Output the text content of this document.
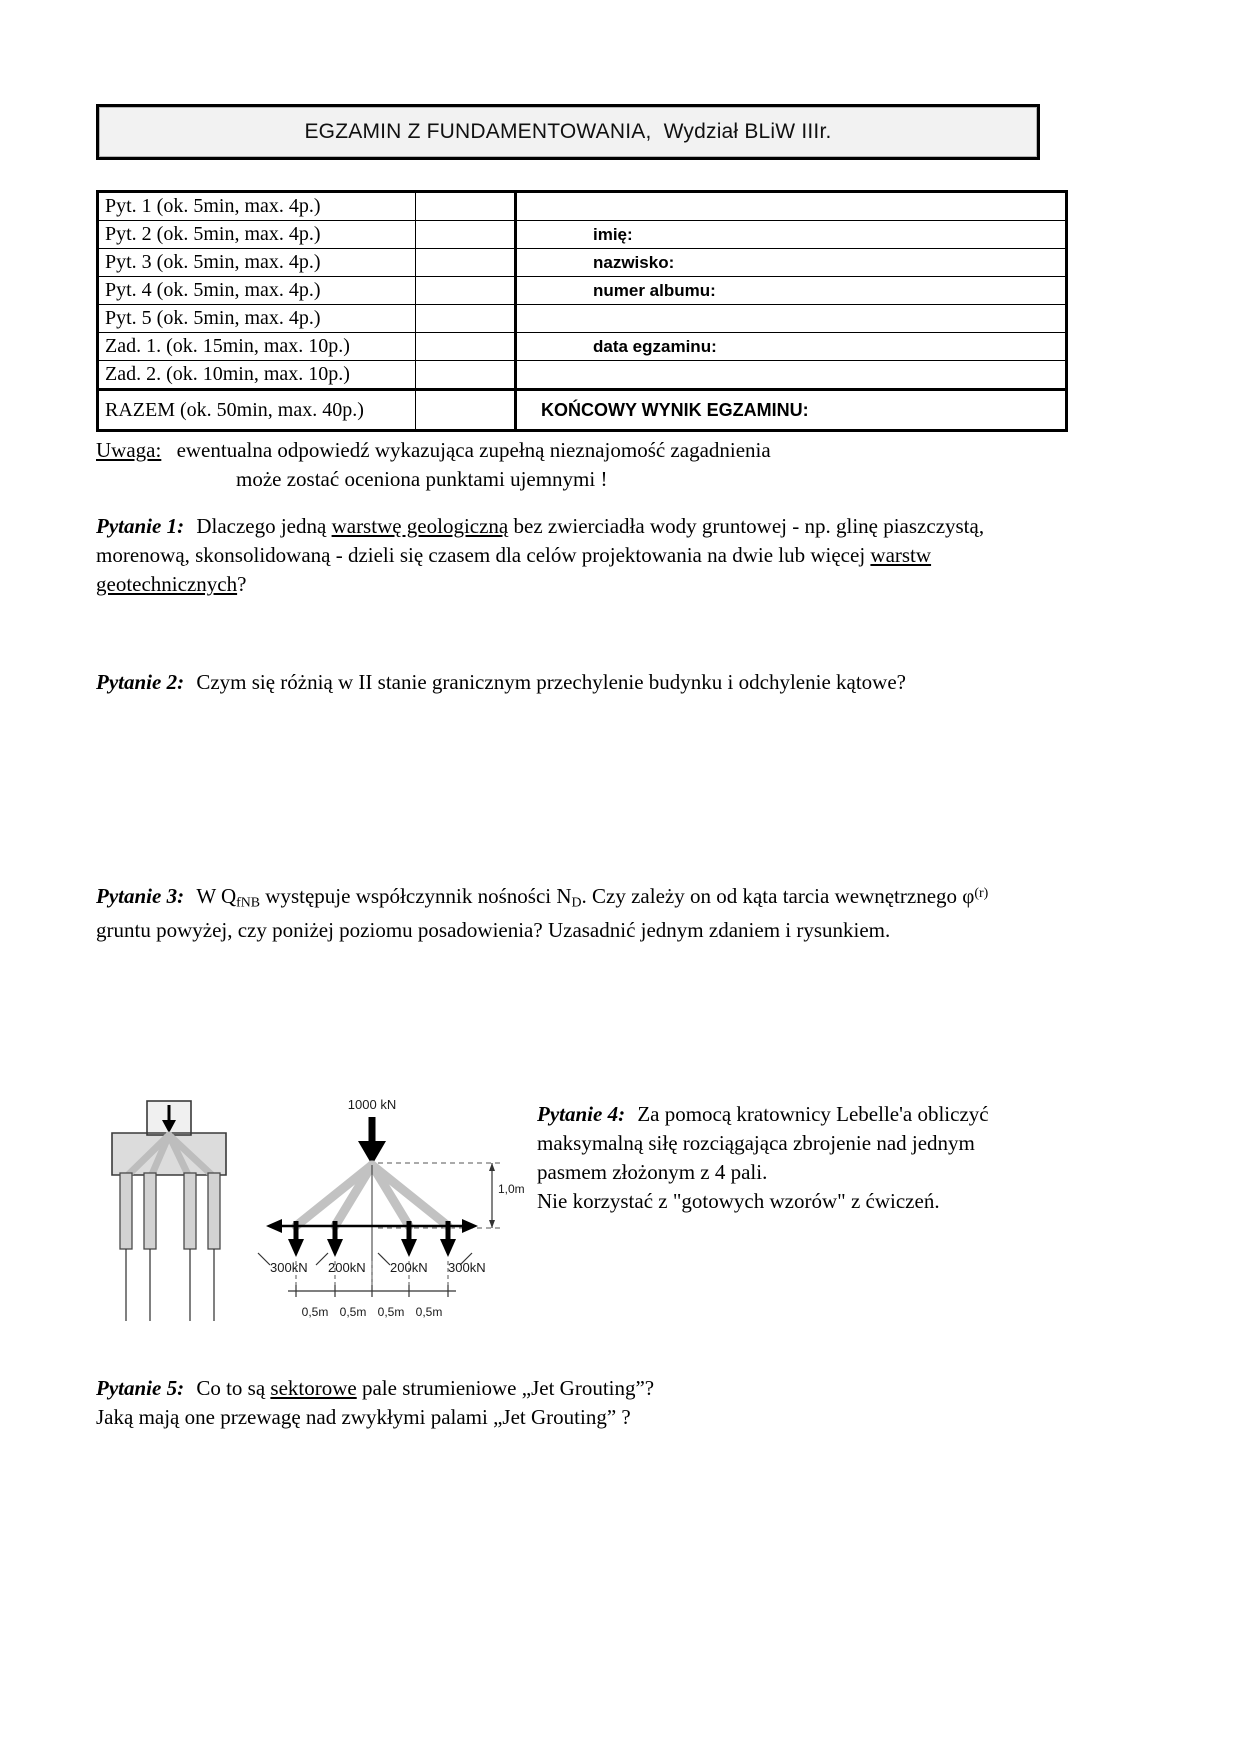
EGZAMIN Z FUNDAMENTOWANIA,  Wydział BLiW IIIr.
Pyt. 1 (ok. 5min, max. 4p.)		

Pyt. 2 (ok. 5min, max. 4p.)		imię:

Pyt. 3 (ok. 5min, max. 4p.)		nazwisko:

Pyt. 4 (ok. 5min, max. 4p.)		numer albumu:

Pyt. 5 (ok. 5min, max. 4p.)		

Zad. 1. (ok. 15min, max. 10p.)		data egzaminu:

Zad. 2. (ok. 10min, max. 10p.)		

RAZEM (ok. 50min, max. 40p.)		KOŃCOWY WYNIK EGZAMINU:
Uwaga: ewentualna odpowiedź wykazująca zupełną nieznajomość zagadnienia
może zostać oceniona punktami ujemnymi !
Pytanie 1: Dlaczego jedną warstwę geologiczną bez zwierciadła wody gruntowej - np. glinę piaszczystą, morenową, skonsolidowaną - dzieli się czasem dla celów projektowania na dwie lub więcej warstw geotechnicznych?
Pytanie 2: Czym się różnią w II stanie granicznym przechylenie budynku i odchylenie kątowe?
Pytanie 3: W $Q_{fNB}$ występuje współczynnik nośności $N_D$. Czy zależy on od kąta tarcia wewnętrznego $\varphi^{(r)}$ gruntu powyżej, czy poniżej poziomu posadowienia? Uzasadnić jednym zdaniem i rysunkiem.
1000 kN
1,0m
300kN 200kN 200kN 300kN
0,5m 0,5m 0,5m 0,5m
Pytanie 4: Za pomocą kratownicy Lebelle'a obliczyć maksymalną siłę rozciągająca zbrojenie nad jednym pasmem złożonym z 4 pali.
Nie korzystać z "gotowych wzorów" z ćwiczeń.
Pytanie 5: Co to są sektorowe pale strumieniowe „Jet Grouting”?
Jaką mają one przewagę nad zwykłymi palami „Jet Grouting” ?
